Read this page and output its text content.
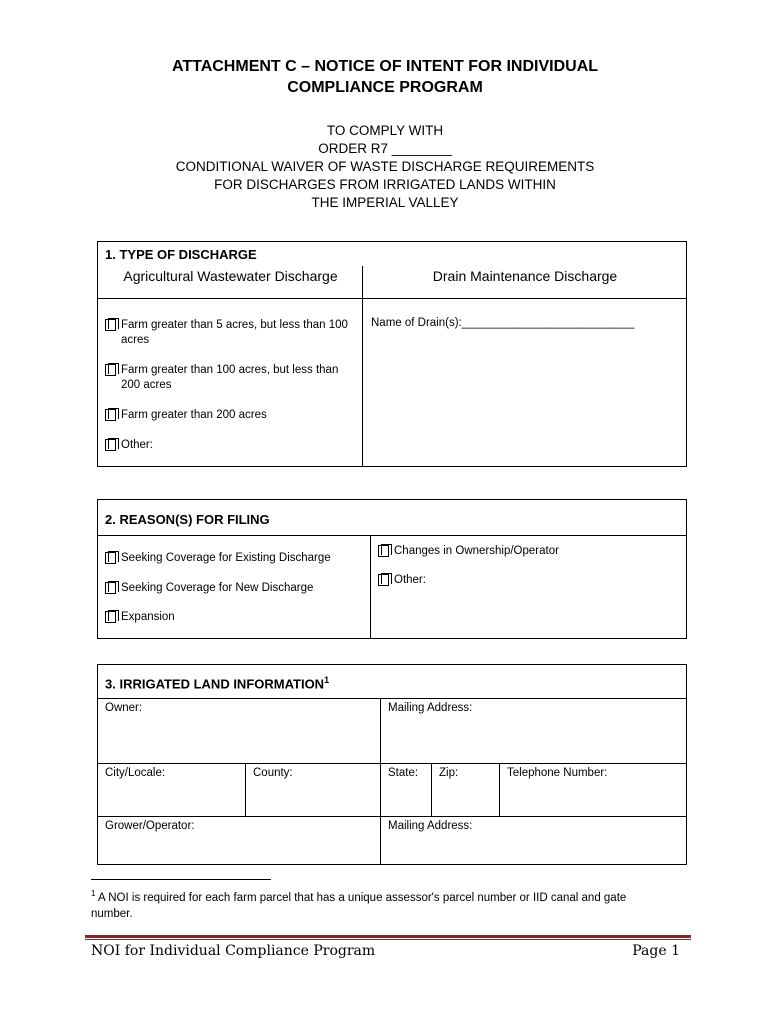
ATTACHMENT C – NOTICE OF INTENT FOR INDIVIDUAL
COMPLIANCE PROGRAM
TO COMPLY WITH
ORDER R7 ________
CONDITIONAL WAIVER OF WASTE DISCHARGE REQUIREMENTS
FOR DISCHARGES FROM IRRIGATED LANDS WITHIN
THE IMPERIAL VALLEY
1. TYPE OF DISCHARGE
Agricultural Wastewater Discharge	Drain Maintenance Discharge
Farm greater than 5 acres, but less than 100 acres
Farm greater than 100 acres, but less than 200 acres
Farm greater than 200 acres
Other:
Name of Drain(s):___________________________
2. REASON(S) FOR FILING
Seeking Coverage for Existing Discharge
Seeking Coverage for New Discharge
Expansion
Changes in Ownership/Operator
Other:
3. IRRIGATED LAND INFORMATION$^1$
Owner:	Mailing Address:
City/Locale:	County:	State: Zip:	Telephone Number:
Grower/Operator:	Mailing Address:
$^1$ A NOI is required for each farm parcel that has a unique assessor's parcel number or IID canal and gate
number.
NOI for Individual Compliance Program	Page 1
